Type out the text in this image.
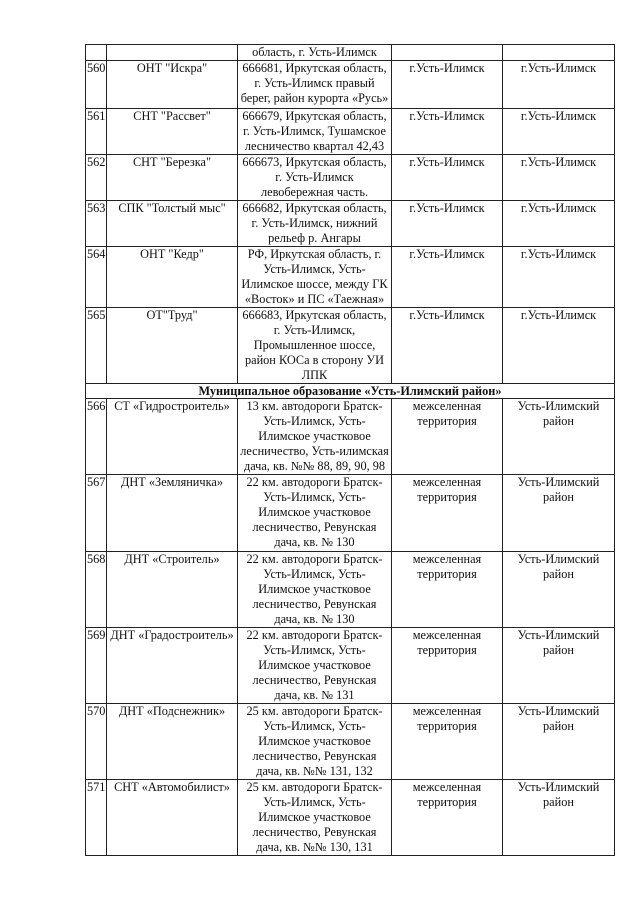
		область, г. Усть-Илимск		
560	ОНТ "Искра"	666681, Иркутская область, г. Усть-Илимск правый берег, район курорта «Русь»	г.Усть-Илимск	г.Усть-Илимск
561	СНТ "Рассвет"	666679, Иркутская область, г. Усть-Илимск, Тушамское лесничество квартал 42,43	г.Усть-Илимск	г.Усть-Илимск
562	СНТ "Березка"	666673, Иркутская область, г. Усть-Илимск левобережная часть.	г.Усть-Илимск	г.Усть-Илимск
563	СПК "Толстый мыс"	666682, Иркутская область, г. Усть-Илимск, нижний рельеф р. Ангары	г.Усть-Илимск	г.Усть-Илимск
564	ОНТ "Кедр"	РФ, Иркутская область, г. Усть-Илимск, Усть-Илимское шоссе, между ГК «Восток» и ПС «Таежная»	г.Усть-Илимск	г.Усть-Илимск
565	ОТ"Труд"	666683, Иркутская область, г. Усть-Илимск, Промышленное шоссе, район КОСа в сторону УИ ЛПК	г.Усть-Илимск	г.Усть-Илимск
Муниципальное образование «Усть-Илимский район»				
566	СТ «Гидростроитель»	13 км. автодороги Братск-Усть-Илимск, Усть-Илимское участковое лесничество, Усть-илимская дача, кв. №№ 88, 89, 90, 98	межселенная территория	Усть-Илимский район
567	ДНТ «Земляничка»	22 км. автодороги Братск-Усть-Илимск, Усть-Илимское участковое лесничество, Ревунская дача, кв. № 130	межселенная территория	Усть-Илимский район
568	ДНТ «Строитель»	22 км. автодороги Братск-Усть-Илимск, Усть-Илимское участковое лесничество, Ревунская дача, кв. № 130	межселенная территория	Усть-Илимский район
569	ДНТ «Градостроитель»	22 км. автодороги Братск-Усть-Илимск, Усть-Илимское участковое лесничество, Ревунская дача, кв. № 131	межселенная территория	Усть-Илимский район
570	ДНТ «Подснежник»	25 км. автодороги Братск-Усть-Илимск, Усть-Илимское участковое лесничество, Ревунская дача, кв. №№ 131, 132	межселенная территория	Усть-Илимский район
571	СНТ «Автомобилист»	25 км. автодороги Братск-Усть-Илимск, Усть-Илимское участковое лесничество, Ревунская дача, кв. №№ 130, 131	межселенная территория	Усть-Илимский район
